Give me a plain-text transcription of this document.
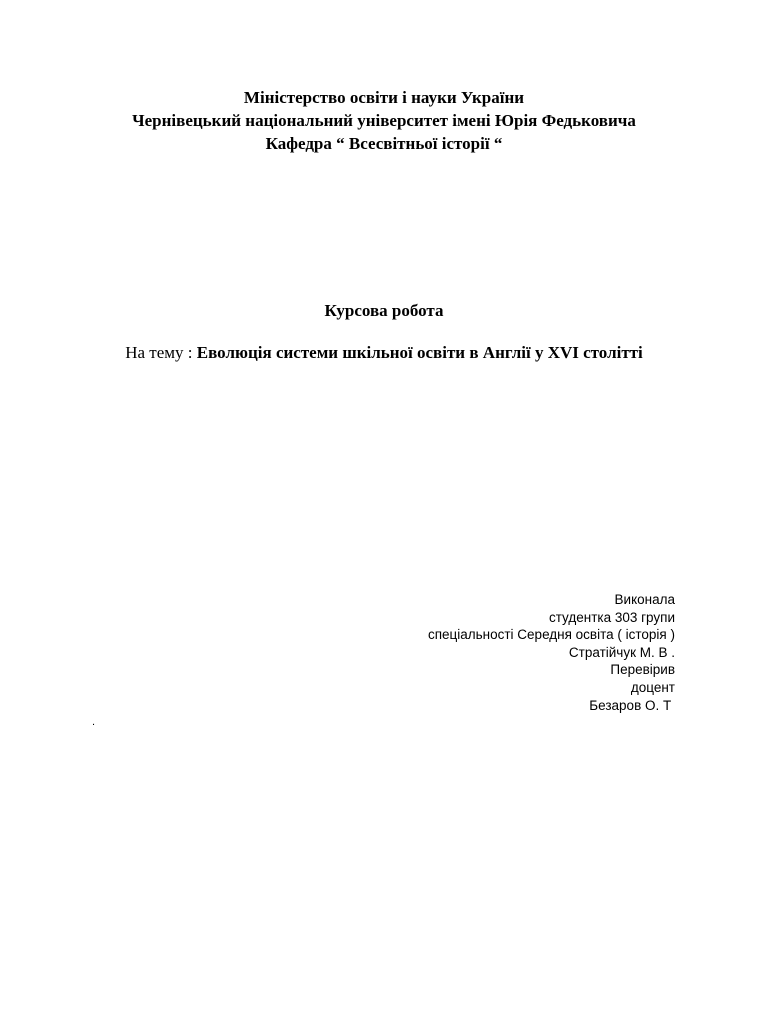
Міністерство освіти і науки України
Чернівецький національний університет імені Юрія Федьковича
Кафедра “ Всесвітньої історії “
Курсова робота
На тему : Еволюція системи шкільної освіти в Англії у XVI столітті
Виконала
студентка 303 групи
спеціальності Середня освіта ( історія )
Стратійчук М. В .
Перевірив
доцент
Безаров О. Т
.
